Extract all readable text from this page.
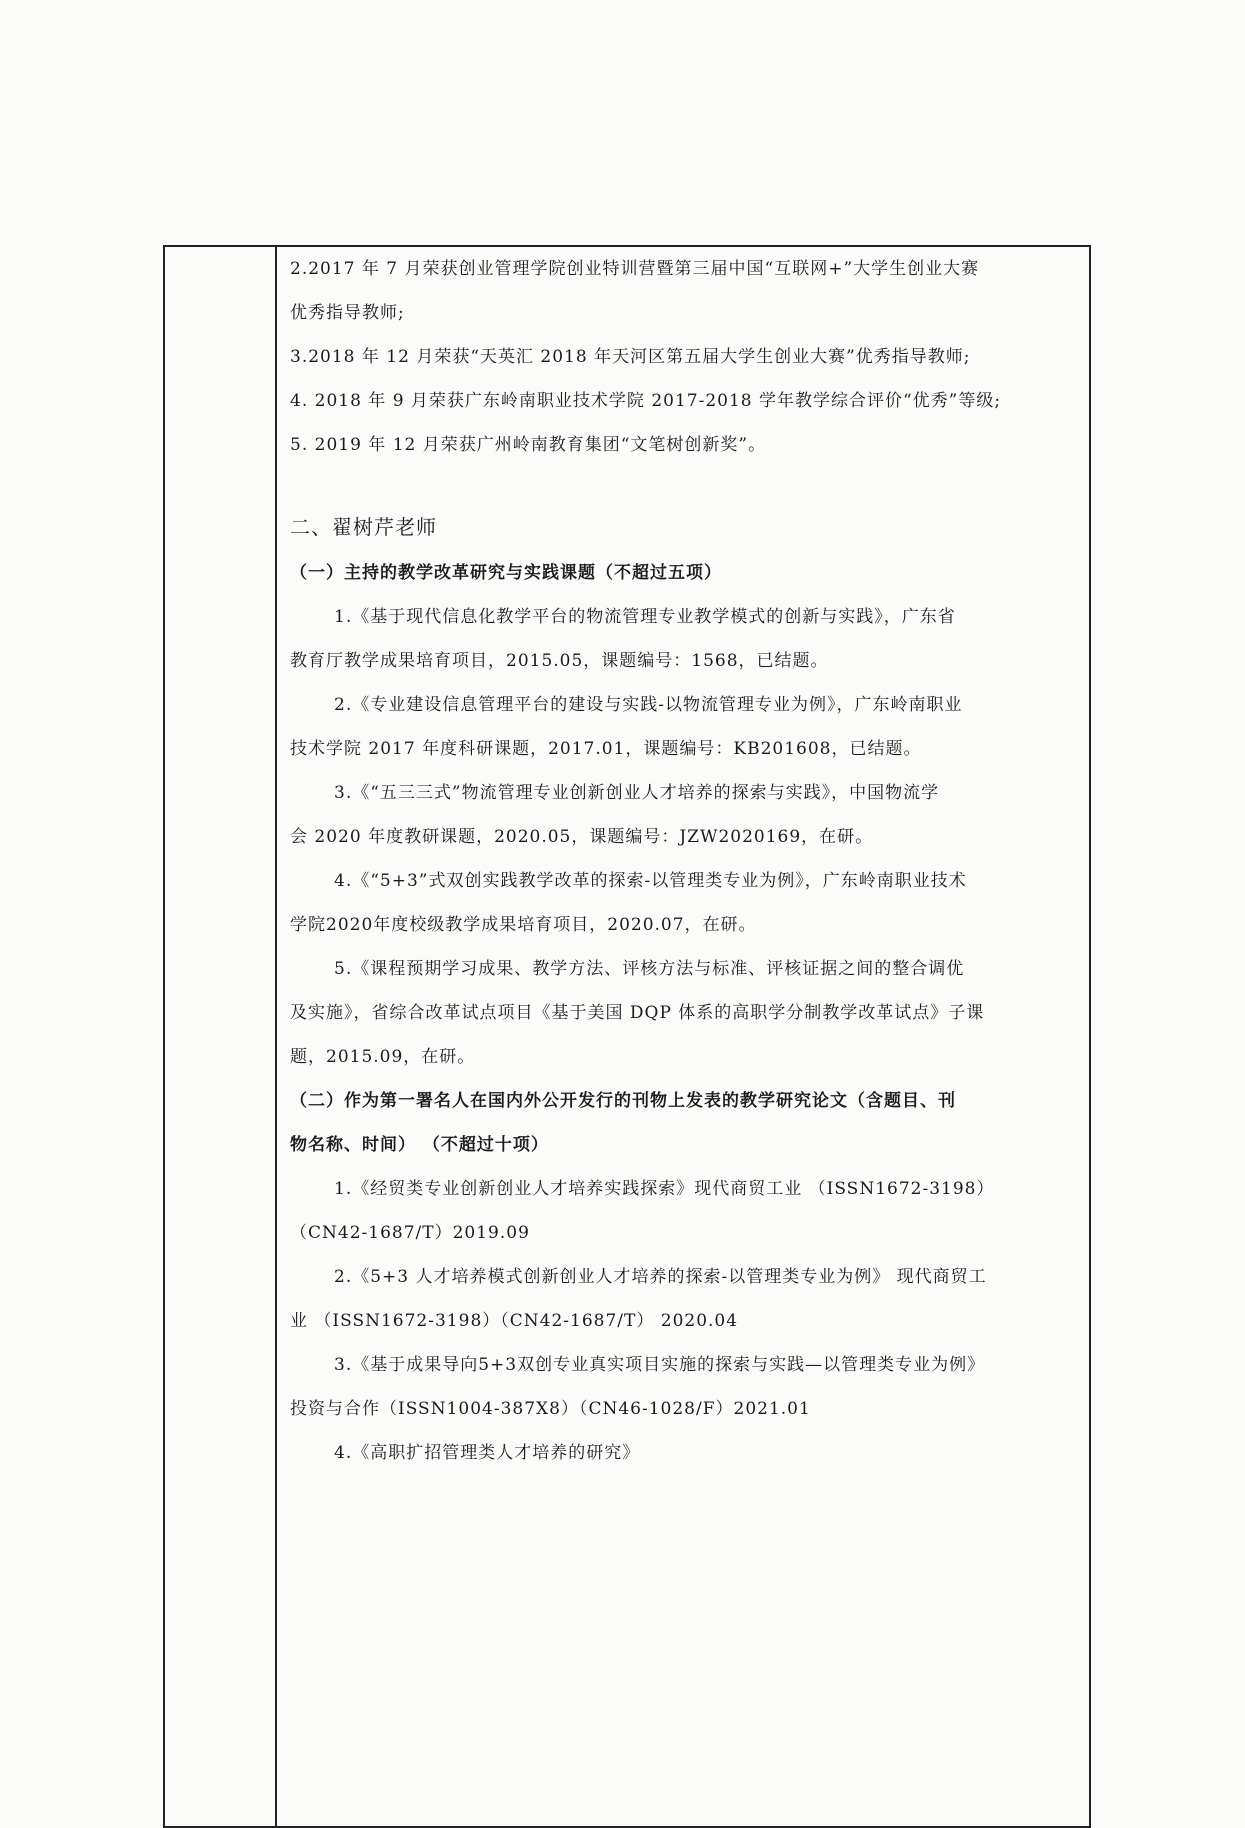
2.2017 年 7 月荣获创业管理学院创业特训营暨第三届中国“互联网+”大学生创业大赛
优秀指导教师;
3.2018 年 12 月荣获“天英汇 2018 年天河区第五届大学生创业大赛”优秀指导教师;
4. 2018 年 9 月荣获广东岭南职业技术学院 2017-2018 学年教学综合评价“优秀”等级;
5. 2019 年 12 月荣获广州岭南教育集团“文笔树创新奖”。
二、翟树芹老师
（一）主持的教学改革研究与实践课题（不超过五项）
1.《基于现代信息化教学平台的物流管理专业教学模式的创新与实践》，广东省
教育厅教学成果培育项目，2015.05，课题编号：1568，已结题。
2.《专业建设信息管理平台的建设与实践-以物流管理专业为例》，广东岭南职业
技术学院 2017 年度科研课题，2017.01，课题编号：KB201608，已结题。
3.《“五三三式”物流管理专业创新创业人才培养的探索与实践》，中国物流学
会 2020 年度教研课题，2020.05，课题编号：JZW2020169，在研。
4.《“5+3”式双创实践教学改革的探索-以管理类专业为例》，广东岭南职业技术
学院2020年度校级教学成果培育项目，2020.07，在研。
5.《课程预期学习成果、教学方法、评核方法与标准、评核证据之间的整合调优
及实施》，省综合改革试点项目《基于美国 DQP 体系的高职学分制教学改革试点》子课
题，2015.09，在研。
（二）作为第一署名人在国内外公开发行的刊物上发表的教学研究论文（含题目、刊
物名称、时间） （不超过十项）
1.《经贸类专业创新创业人才培养实践探索》现代商贸工业 （ISSN1672-3198）
（CN42-1687/T）2019.09
2.《5+3 人才培养模式创新创业人才培养的探索-以管理类专业为例》 现代商贸工
业 （ISSN1672-3198）（CN42-1687/T） 2020.04
3.《基于成果导向5+3双创专业真实项目实施的探索与实践—以管理类专业为例》
投资与合作（ISSN1004-387X8）（CN46-1028/F）2021.01
4.《高职扩招管理类人才培养的研究》
